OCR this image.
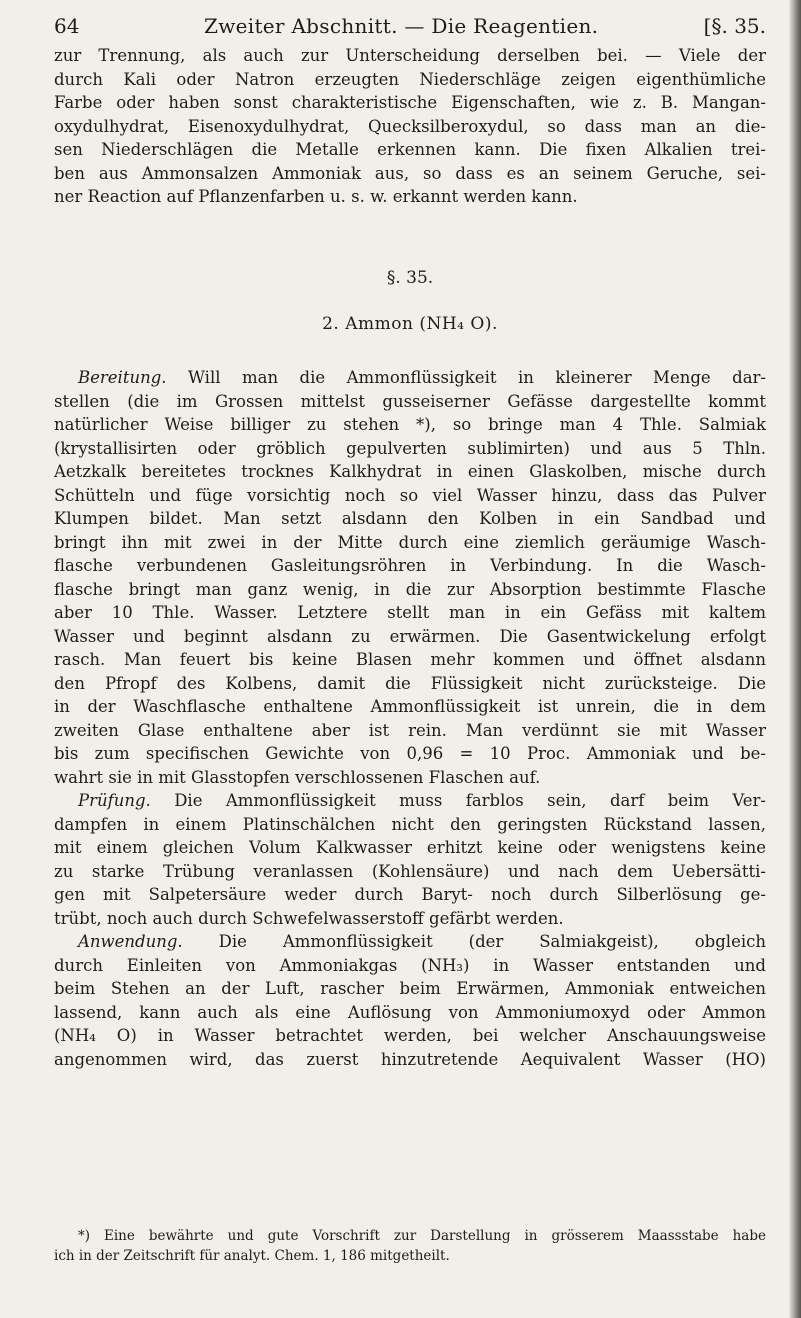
64	Zweiter Abschnitt. — Die Reagentien.	[§. 35.
zur Trennung, als auch zur Unterscheidung derselben bei. — Viele der
durch Kali oder Natron erzeugten Niederschläge zeigen eigenthümliche
Farbe oder haben sonst charakteristische Eigenschaften, wie z. B. Mangan-
oxydulhydrat, Eisenoxydulhydrat, Quecksilberoxydul, so dass man an die-
sen Niederschlägen die Metalle erkennen kann. Die fixen Alkalien trei-
ben aus Ammonsalzen Ammoniak aus, so dass es an seinem Geruche, sei-
ner Reaction auf Pflanzenfarben u. s. w. erkannt werden kann.
§. 35.
2. Ammon (NH₄ O).
Bereitung. Will man die Ammonflüssigkeit in kleinerer Menge dar-
stellen (die im Grossen mittelst gusseiserner Gefässe dargestellte kommt
natürlicher Weise billiger zu stehen *), so bringe man 4 Thle. Salmiak
(krystallisirten oder gröblich gepulverten sublimirten) und aus 5 Thln.
Aetzkalk bereitetes trocknes Kalkhydrat in einen Glaskolben, mische durch
Schütteln und füge vorsichtig noch so viel Wasser hinzu, dass das Pulver
Klumpen bildet. Man setzt alsdann den Kolben in ein Sandbad und
bringt ihn mit zwei in der Mitte durch eine ziemlich geräumige Wasch-
flasche verbundenen Gasleitungsröhren in Verbindung. In die Wasch-
flasche bringt man ganz wenig, in die zur Absorption bestimmte Flasche
aber 10 Thle. Wasser. Letztere stellt man in ein Gefäss mit kaltem
Wasser und beginnt alsdann zu erwärmen. Die Gasentwickelung erfolgt
rasch. Man feuert bis keine Blasen mehr kommen und öffnet alsdann
den Pfropf des Kolbens, damit die Flüssigkeit nicht zurücksteige. Die
in der Waschflasche enthaltene Ammonflüssigkeit ist unrein, die in dem
zweiten Glase enthaltene aber ist rein. Man verdünnt sie mit Wasser
bis zum specifischen Gewichte von 0,96 = 10 Proc. Ammoniak und be-
wahrt sie in mit Glasstopfen verschlossenen Flaschen auf.
Prüfung. Die Ammonflüssigkeit muss farblos sein, darf beim Ver-
dampfen in einem Platinschälchen nicht den geringsten Rückstand lassen,
mit einem gleichen Volum Kalkwasser erhitzt keine oder wenigstens keine
zu starke Trübung veranlassen (Kohlensäure) und nach dem Uebersätti-
gen mit Salpetersäure weder durch Baryt- noch durch Silberlösung ge-
trübt, noch auch durch Schwefelwasserstoff gefärbt werden.
Anwendung. Die Ammonflüssigkeit (der Salmiakgeist), obgleich
durch Einleiten von Ammoniakgas (NH₃) in Wasser entstanden und
beim Stehen an der Luft, rascher beim Erwärmen, Ammoniak entweichen
lassend, kann auch als eine Auflösung von Ammoniumoxyd oder Ammon
(NH₄ O) in Wasser betrachtet werden, bei welcher Anschauungsweise
angenommen wird, das zuerst hinzutretende Aequivalent Wasser (HO)
*) Eine bewährte und gute Vorschrift zur Darstellung in grösserem Maassstabe habe
ich in der Zeitschrift für analyt. Chem. 1, 186 mitgetheilt.
